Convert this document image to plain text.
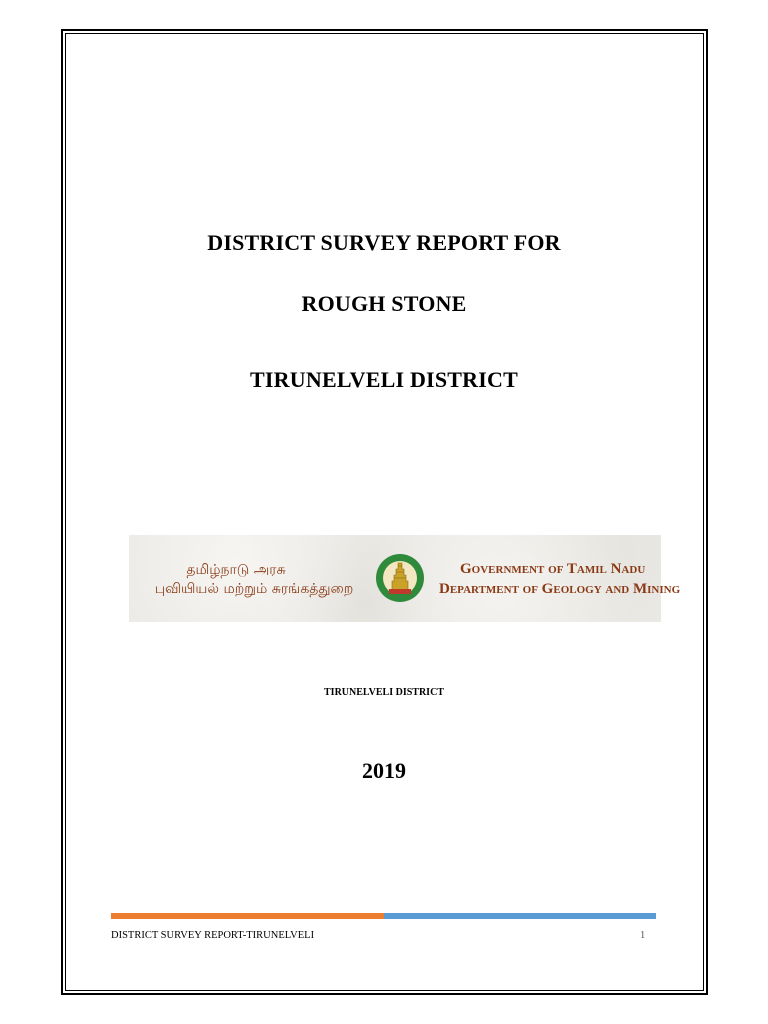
DISTRICT SURVEY REPORT FOR
ROUGH STONE
TIRUNELVELI DISTRICT
தமிழ்நாடு அரசு
புவியியல் மற்றும் சுரங்கத்துறை
Government of Tamil Nadu
Department of Geology and Mining
TIRUNELVELI DISTRICT
2019
DISTRICT SURVEY REPORT-TIRUNELVELI	1
